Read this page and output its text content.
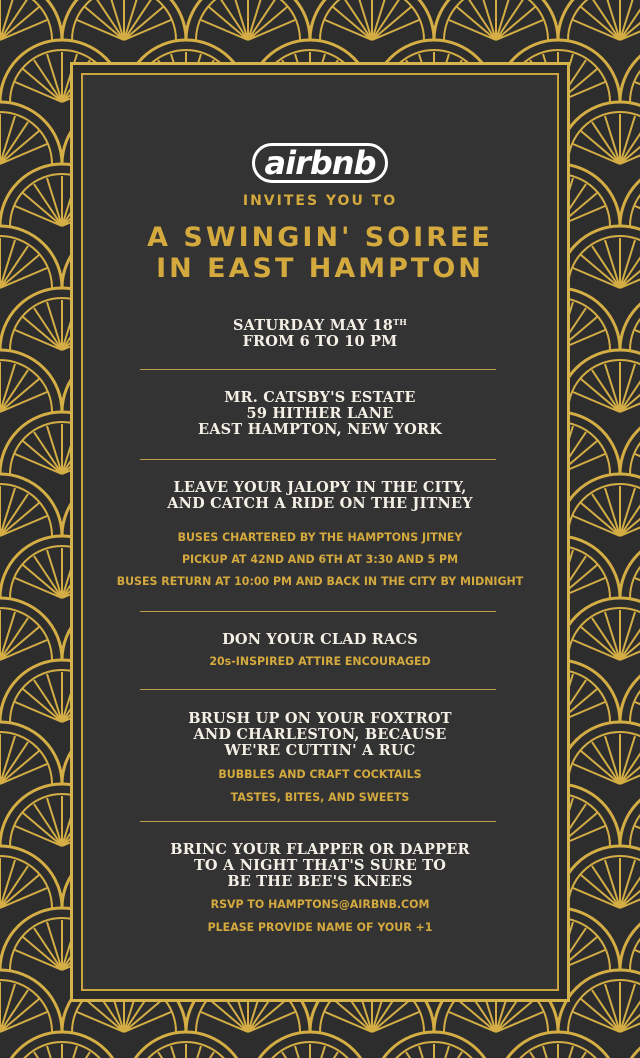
airbnb
INVITES YOU TO
A SWINGIN' SOIREE
IN EAST HAMPTON
SATURDAY MAY 18TH
FROM 6 TO 10 PM
MR. CATSBY'S ESTATE
59 HITHER LANE
EAST HAMPTON, NEW YORK
LEAVE YOUR JALOPY IN THE CITY,
AND CATCH A RIDE ON THE JITNEY
BUSES CHARTERED BY THE HAMPTONS JITNEY
PICKUP AT 42ND AND 6TH AT 3:30 AND 5 PM
BUSES RETURN AT 10:00 PM AND BACK IN THE CITY BY MIDNIGHT
DON YOUR CLAD RACS
20s-INSPIRED ATTIRE ENCOURAGED
BRUSH UP ON YOUR FOXTROT
AND CHARLESTON, BECAUSE
WE'RE CUTTIN' A RUC
BUBBLES AND CRAFT COCKTAILS
TASTES, BITES, AND SWEETS
BRINC YOUR FLAPPER OR DAPPER
TO A NIGHT THAT'S SURE TO
BE THE BEE'S KNEES
RSVP TO HAMPTONS@AIRBNB.COM
PLEASE PROVIDE NAME OF YOUR +1
